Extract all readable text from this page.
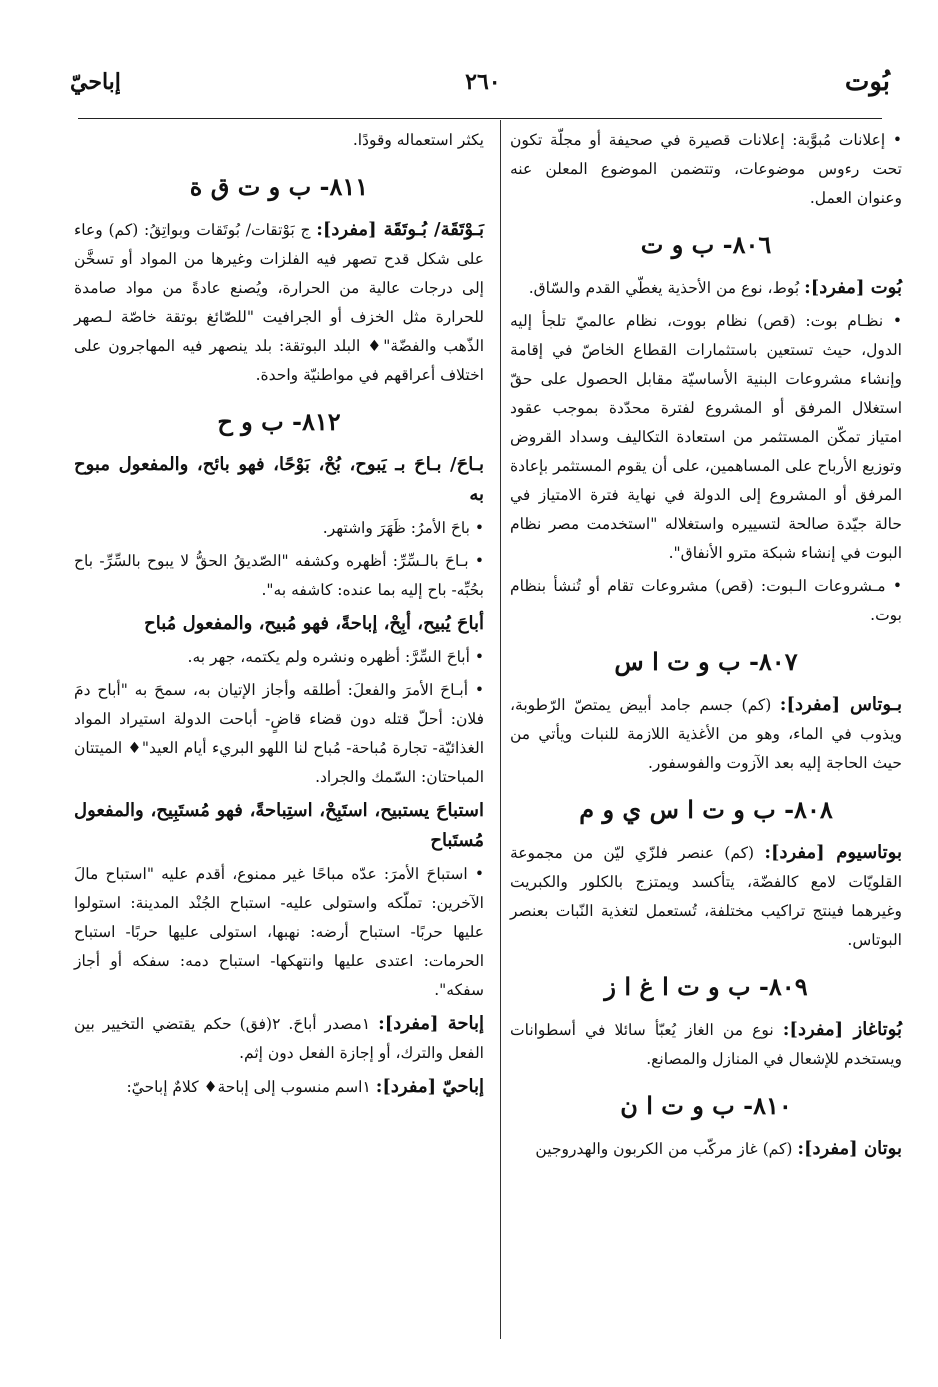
بُوت
٢٦٠
إباحيّ

• إعلانات مُبوَّبة: إعلانات قصيرة في صحيفة أو مجلّة تكون تحت رءوس موضوعات، وتتضمن الموضوع المعلن عنه وعنوان العمل.

٨٠٦- ب و ت

بُوت [مفرد]: بُوط، نوع من الأحذية يغطّي القدم والسّاق.

• نظـام بوت: (قص) نظام بووت، نظام عالميّ تلجأ إليه الدول، حيث تستعين باستثمارات القطاع الخاصّ في إقامة وإنشاء مشروعات البنية الأساسيّة مقابل الحصول على حقّ استغلال المرفق أو المشروع لفترة محدّدة بموجب عقود امتياز تمكّن المستثمر من استعادة التكاليف وسداد القروض وتوزيع الأرباح على المساهمين، على أن يقوم المستثمر بإعادة المرفق أو المشروع إلى الدولة في نهاية فترة الامتياز في حالة جيّدة صالحة لتسييره واستغلاله "استخدمت مصر نظام البوت في إنشاء شبكة مترو الأنفاق".

• مـشروعات الـبوت: (قص) مشروعات تقام أو تُنشأ بنظام بوت.

٨٠٧- ب و ت ا س

بـوتاس [مفرد]: (كم) جسم جامد أبيض يمتصّ الرّطوبة، ويذوب في الماء، وهو من الأغذية اللازمة للنبات ويأتي من حيث الحاجة إليه بعد الآزوت والفوسفور.

٨٠٨- ب و ت ا س ي و م

بوتاسيوم [مفرد]: (كم) عنصر فلزّي ليّن من مجموعة القلويّات لامع كالفضّة، يتأكسد ويمتزج بالكلور والكبريت وغيرهما فينتج تراكيب مختلفة، تُستعمل لتغذية النّبات بعنصر البوتاس.

٨٠٩- ب و ت ا غ ا ز

بُوتاغاز [مفرد]: نوع من الغاز يُعبّأ سائلا في أسطوانات ويستخدم للإشعال في المنازل والمصانع.

٨١٠- ب و ت ا ن

بوتان [مفرد]: (كم) غاز مركّب من الكربون والهدروجين

يكثر استعماله وقودًا.

٨١١- ب و ت ق ة

بَـوْتَقَة/ بُـوتَقَة [مفرد]: ج بَوْتقات/ بُوتَقات وبواتِقُ: (كم) وعاء على شكل قدح تصهر فيه الفلزات وغيرها من المواد أو تسخَّن إلى درجات عالية من الحرارة، ويُصنع عادةً من مواد صامدة للحرارة مثل الخزف أو الجرافيت "للصّائغ بوتقة خاصّة لـصهر الذّهب والفضّة"♦ البلد البوتقة: بلد ينصهر فيه المهاجرون على اختلاف أعراقهم في مواطنيّة واحدة.

٨١٢- ب و ح

بـاحَ/ بـاحَ بـ يَبوح، بُحْ، بَوْحًا، فهو بائح، والمفعول مبوح به

• باحَ الأمرُ: ظَهَرَ واشتهر.

• بـاحَ بالـسِّرِّ: أظهره وكشفه "الصّديقُ الحقُّ لا يبوح بالسِّرِّ- باح بحُبِّه- باح إليه بما عنده: كاشفه به".

أباحَ يُبيح، أبِحْ، إباحةً، فهو مُبيح، والمفعول مُباح

• أباحَ السِّرَّ: أظهره ونشره ولم يكتمه، جهر به.

• أبـاحَ الأمرَ والفعلَ: أطلقه وأجاز الإتيان به، سمحَ به "أباح دمَ فلان: أحلّ قتله دون قضاء قاضٍ- أباحت الدولة استيراد المواد الغذائيّة- تجارة مُباحة- مُباح لنا اللهو البريء أيام العيد"♦ الميتتان المباحتان: السّمك والجراد.

استباحَ يستبيح، استَبِحْ، استِباحةً، فهو مُستَبِيح، والمفعول مُستَباح

• استباحَ الأمرَ: عدّه مباحًا غير ممنوع، أقدم عليه "استباح مالَ الآخرين: تملّكه واستولى عليه- استباح الجُنْد المدينة: استولوا عليها حربًا- استباح أرضه: نهبها، استولى عليها حربًا- استباح الحرمات: اعتدى عليها وانتهكها- استباح دمه: سفكه أو أجاز سفكه".

إباحة [مفرد]: ١مصدر أباحَ. ٢(فق) حكم يقتضي التخيير بين الفعل والترك، أو إجازة الفعل دون إثم.

إباحيّ [مفرد]: ١اسم منسوب إلى إباحة♦ كلامٌ إباحيّ:
